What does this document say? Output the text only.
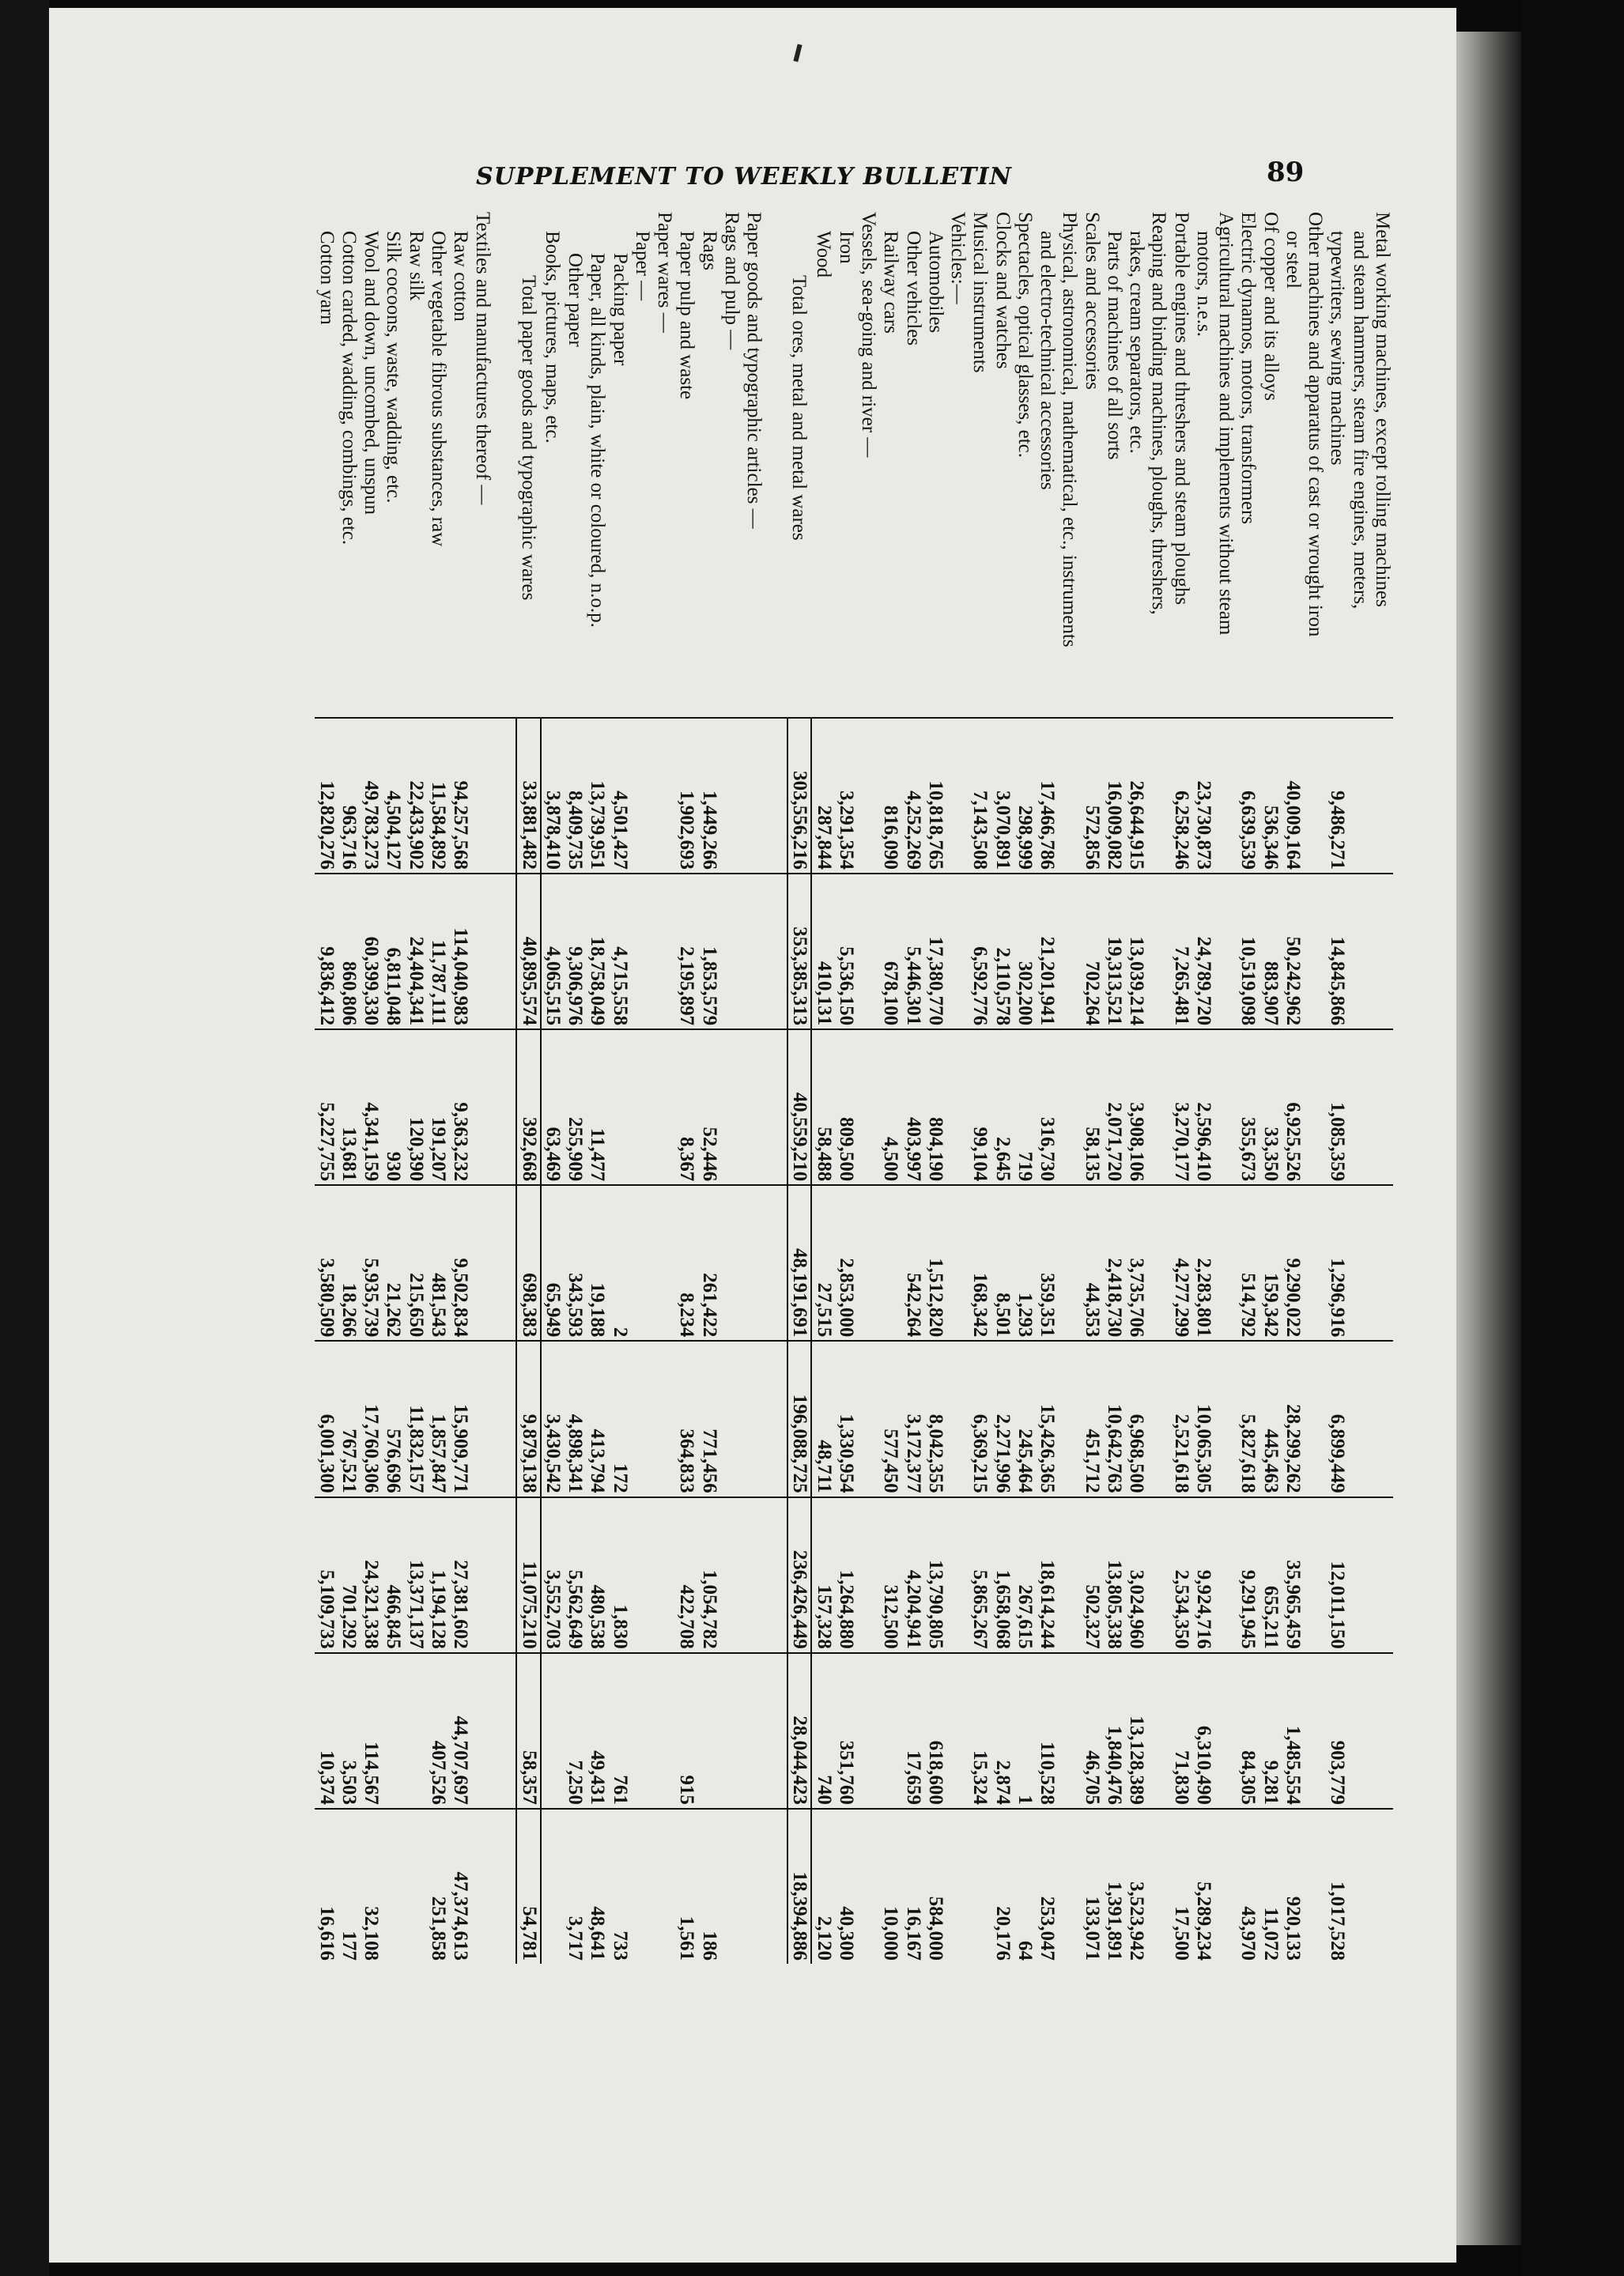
SUPPLEMENT TO WEEKLY BULLETIN	89
Metal working machines, except rolling machines								
and steam hammers, steam fire engines, meters,								
typewriters, sewing machines	9,486,271	14,845,866	1,085,359	1,296,916	6,899,449	12,011,150	903,779	1,017,528
Other machines and apparatus of cast or wrought iron								
or steel	40,009,164	50,242,962	6,925,526	9,290,022	28,299,262	35,965,459	1,485,554	920,133
Of copper and its alloys	536,346	883,907	33,350	159,342	445,463	655,211	9,281	11,072
Electric dynamos, motors, transformers	6,639,539	10,519,098	355,673	514,792	5,827,618	9,291,945	84,305	43,970
Agricultural machines and implements without steam								
motors, n.e.s.	23,730,873	24,789,720	2,596,410	2,283,801	10,065,305	9,924,716	6,310,490	5,289,234
Portable engines and threshers and steam ploughs	6,258,246	7,265,481	3,270,177	4,277,299	2,521,618	2,534,350	71,830	17,500
Reaping and binding machines, ploughs, threshers,								
rakes, cream separators, etc.	26,644,915	13,039,214	3,908,106	3,735,706	6,968,500	3,024,960	13,128,389	3,523,942
Parts of machines of all sorts	16,009,082	19,313,521	2,071,720	2,418,730	10,642,763	13,805,338	1,840,476	1,391,891
Scales and accessories	572,856	702,264	58,135	44,353	451,712	502,327	46,705	133,071
Physical, astronomical, mathematical, etc., instruments								
and electro-technical accessories	17,466,786	21,201,941	316,730	359,351	15,426,365	18,614,244	110,528	253,047
Spectacles, optical glasses, etc.	298,999	302,200	719	1,293	245,464	267,615	1	64
Clocks and watches	3,070,891	2,110,578	2,645	8,501	2,271,996	1,658,068	2,874	20,176
Musical instruments	7,143,508	6,592,776	99,104	168,342	6,369,215	5,865,267	15,324	
Vehicles:—								
Automobiles	10,818,765	17,380,770	804,190	1,512,820	8,042,355	13,790,805	618,600	584,000
Other vehicles	4,252,269	5,446,301	403,997	542,264	3,172,377	4,204,941	17,659	16,167
Railway cars	816,090	678,100	4,500		577,450	312,500		10,000
Vessels, sea-going and river —								
Iron	3,291,354	5,536,150	809,500	2,853,000	1,330,954	1,264,880	351,760	40,300
Wood	287,844	410,131	58,488	27,515	48,711	157,328	740	2,120
Total ores, metal and metal wares	303,556,216	353,385,313	40,559,210	48,191,691	196,088,725	236,426,449	28,044,423	18,394,886

Paper goods and typographic articles —								
Rags and pulp —								
Rags	1,449,266	1,853,579	52,446	261,422	771,456	1,054,782		186
Paper pulp and waste	1,902,693	2,195,897	8,367	8,234	364,833	422,708	915	1,561
Paper wares —								
Paper —								
Packing paper	4,501,427	4,715,558		2	172	1,830	761	733
Paper, all kinds, plain, white or coloured, n.o.p.	13,739,951	18,758,049	11,477	19,188	413,794	480,538	49,431	48,641
Other paper	8,409,735	9,306,976	255,909	343,593	4,898,341	5,562,649	7,250	3,717
Books, pictures, maps, etc.	3,878,410	4,065,515	63,469	65,949	3,430,542	3,552,703		
Total paper goods and typographic wares	33,881,482	40,895,574	392,668	698,383	9,879,138	11,075,210	58,357	54,781

Textiles and manufactures thereof —								
Raw cotton	94,257,568	114,040,983	9,363,232	9,502,834	15,909,771	27,381,602	44,707,697	47,374,613
Other vegetable fibrous substances, raw	11,584,892	11,787,111	191,207	481,543	1,857,847	1,194,128	407,526	251,858
Raw silk	22,433,902	24,404,341	120,390	215,650	11,832,157	13,371,137		
Silk cocoons, waste, wadding, etc.	4,504,127	6,811,048	930	21,262	576,696	466,845		
Wool and down, uncombed, unspun	49,783,273	60,399,330	4,341,159	5,935,739	17,760,306	24,321,338	114,567	32,108
Cotton carded, wadding, combings, etc.	963,716	860,806	13,681	18,266	767,521	701,292	3,503	177
Cotton yarn	12,820,276	9,836,412	5,227,755	3,580,509	6,001,300	5,109,733	10,374	16,616
